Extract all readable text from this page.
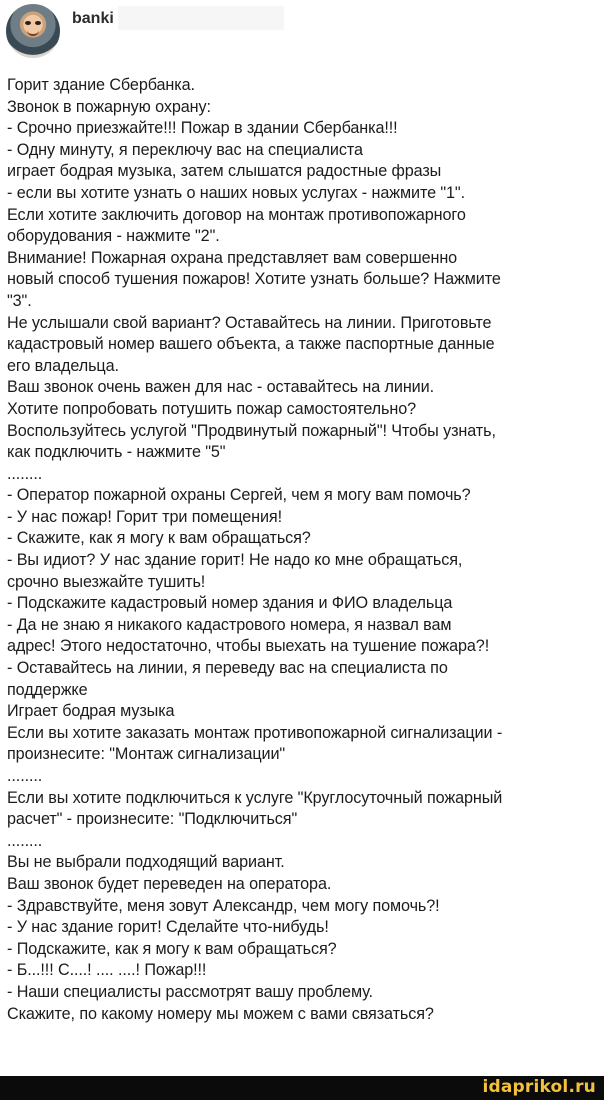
banki
Горит здание Сбербанка.
Звонок в пожарную охрану:
- Срочно приезжайте!!! Пожар в здании Сбербанка!!!
- Одну минуту, я переключу вас на специалиста
играет бодрая музыка, затем слышатся радостные фразы
- если вы хотите узнать о наших новых услугах - нажмите "1".
Если хотите заключить договор на монтаж противопожарного
оборудования - нажмите "2".
Внимание! Пожарная охрана представляет вам совершенно
новый способ тушения пожаров! Хотите узнать больше? Нажмите
"3".
Не услышали свой вариант? Оставайтесь на линии. Приготовьте
кадастровый номер вашего объекта, а также паспортные данные
его владельца.
Ваш звонок очень важен для нас - оставайтесь на линии.
Хотите попробовать потушить пожар самостоятельно?
Воспользуйтесь услугой "Продвинутый пожарный"! Чтобы узнать,
как подключить - нажмите "5"
........
- Оператор пожарной охраны Сергей, чем я могу вам помочь?
- У нас пожар! Горит три помещения!
- Скажите, как я могу к вам обращаться?
- Вы идиот? У нас здание горит! Не надо ко мне обращаться,
срочно выезжайте тушить!
- Подскажите кадастровый номер здания и ФИО владельца
- Да не знаю я никакого кадастрового номера, я назвал вам
адрес! Этого недостаточно, чтобы выехать на тушение пожара?!
- Оставайтесь на линии, я переведу вас на специалиста по
поддержке
Играет бодрая музыка
Если вы хотите заказать монтаж противопожарной сигнализации -
произнесите: "Монтаж сигнализации"
........
Если вы хотите подключиться к услуге "Круглосуточный пожарный
расчет" - произнесите: "Подключиться"
........
Вы не выбрали подходящий вариант.
Ваш звонок будет переведен на оператора.
- Здравствуйте, меня зовут Александр, чем могу помочь?!
- У нас здание горит! Сделайте что-нибудь!
- Подскажите, как я могу к вам обращаться?
- Б...!!! С....! .... ....! Пожар!!!
- Наши специалисты рассмотрят вашу проблему.
Скажите, по какому номеру мы можем с вами связаться?
idaprikol.ru
